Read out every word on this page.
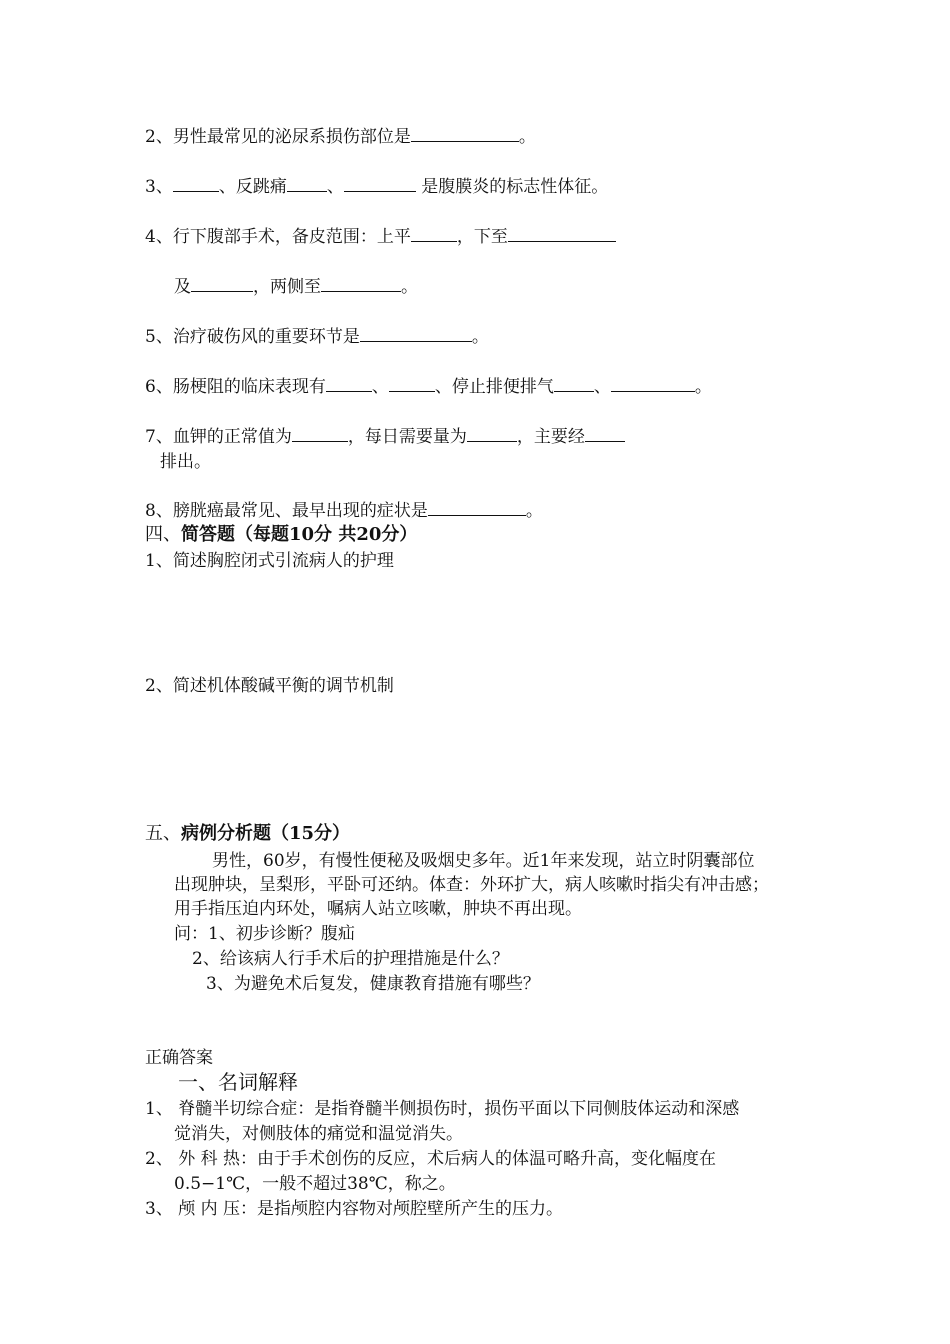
2、男性最常见的泌尿系损伤部位是	。
3、	、反跳痛 、	是腹膜炎的标志性体征。
4、行下腹部手术，备皮范围：上平	，下至
及	，两侧至	。
5、治疗破伤风的重要环节是	。
6、肠梗阻的临床表现有	、	、停止排便排气 、	。
7、血钾的正常值为	，每日需要量为	，主要经
排出。
8、膀胱癌最常见、最早出现的症状是	。
四、简答题（每题10分 共20分）
1、简述胸腔闭式引流病人的护理
2、简述机体酸碱平衡的调节机制
五、病例分析题（15分）
男性，60岁，有慢性便秘及吸烟史多年。近1年来发现，站立时阴囊部位
出现肿块，呈梨形，平卧可还纳。体查：外环扩大，病人咳嗽时指尖有冲击感；
用手指压迫内环处，嘱病人站立咳嗽，肿块不再出现。
问：1、初步诊断？腹疝
2、给该病人行手术后的护理措施是什么？
3、为避免术后复发，健康教育措施有哪些？
正确答案
一、名词解释
1、 脊髓半切综合症：是指脊髓半侧损伤时，损伤平面以下同侧肢体运动和深感
觉消失，对侧肢体的痛觉和温觉消失。
2、 外 科 热：由于手术创伤的反应，术后病人的体温可略升高，变化幅度在
0.5−1℃，一般不超过38℃，称之。
3、 颅 内 压：是指颅腔内容物对颅腔壁所产生的压力。
